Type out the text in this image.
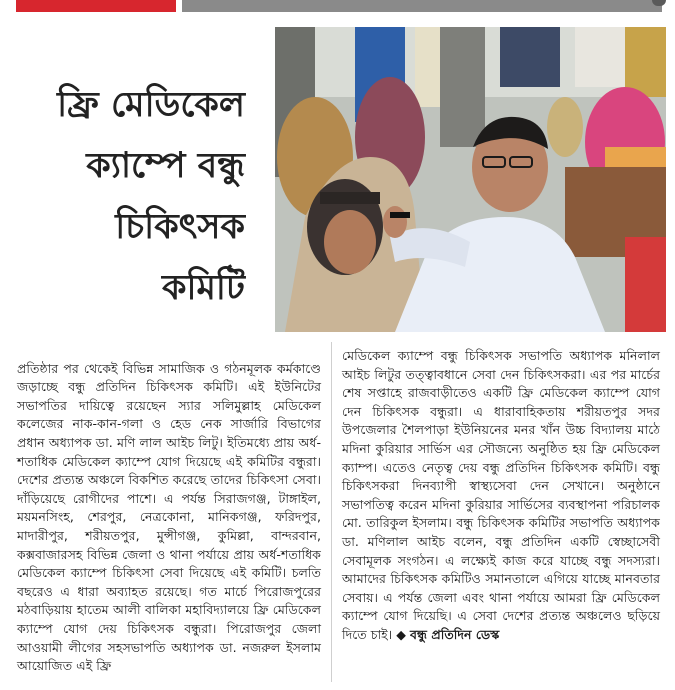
ফ্রি মেডিকেল
ক্যাম্পে বন্ধু
চিকিৎসক
কমিটি

প্রতিষ্ঠার পর থেকেই বিভিন্ন সামাজিক ও গঠনমূলক কর্মকাণ্ডে জড়াচ্ছে বন্ধু প্রতিদিন চিকিৎসক কমিটি। এই ইউনিটের সভাপতির দায়িত্বে রয়েছেন স্যার সলিমুল্লাহ মেডিকেল কলেজের নাক-কান-গলা ও হেড নেক সার্জারি বিভাগের প্রধান অধ্যাপক ডা. মণি লাল আইচ লিটু। ইতিমধ্যে প্রায় অর্ধ-শতাধিক মেডিকেল ক্যাম্পে যোগ দিয়েছে এই কমিটির বন্ধুরা। দেশের প্রত্যন্ত অঞ্চলে বিকশিত করেছে তাদের চিকিৎসা সেবা। দাঁড়িয়েছে রোগীদের পাশে। এ পর্যন্ত সিরাজগঞ্জ, টাঙ্গাইল, ময়মনসিংহ, শেরপুর, নেত্রকোনা, মানিকগঞ্জ, ফরিদপুর, মাদারীপুর, শরীয়তপুর, মুন্সীগঞ্জ, কুমিল্লা, বান্দরবান, কক্সবাজারসহ বিভিন্ন জেলা ও থানা পর্যায়ে প্রায় অর্ধ-শতাধিক মেডিকেল ক্যাম্পে চিকিৎসা সেবা দিয়েছে এই কমিটি। চলতি বছরেও এ ধারা অব্যাহত রয়েছে। গত মার্চে পিরোজপুরের মঠবাড়িয়ায় হাতেম আলী বালিকা মহাবিদ্যালয়ে ফ্রি মেডিকেল ক্যাম্পে যোগ দেয় চিকিৎসক বন্ধুরা। পিরোজপুর জেলা আওয়ামী লীগের সহসভাপতি অধ্যাপক ডা. নজরুল ইসলাম আয়োজিত এই ফ্রি

মেডিকেল ক্যাম্পে বন্ধু চিকিৎসক সভাপতি অধ্যাপক মনিলাল আইচ লিটুর তত্ত্বাবধানে সেবা দেন চিকিৎসকরা। এর পর মার্চের শেষ সপ্তাহে রাজবাড়ীতেও একটি ফ্রি মেডিকেল ক্যাম্পে যোগ দেন চিকিৎসক বন্ধুরা। এ ধারাবাহিকতায় শরীয়তপুর সদর উপজেলার শৈলপাড়া ইউনিয়নের মনর খাঁন উচ্চ বিদ্যালয় মাঠে মদিনা কুরিয়ার সার্ভিস এর সৌজন্যে অনুষ্ঠিত হয় ফ্রি মেডিকেল ক্যাম্প। এতেও নেতৃত্ব দেয় বন্ধু প্রতিদিন চিকিৎসক কমিটি। বন্ধু চিকিৎসকরা দিনব্যাপী স্বাস্থ্যসেবা দেন সেখানে। অনুষ্ঠানে সভাপতিত্ব করেন মদিনা কুরিয়ার সার্ভিসের ব্যবস্থাপনা পরিচালক মো. তারিকুল ইসলাম। বন্ধু চিকিৎসক কমিটির সভাপতি অধ্যাপক ডা. মণিলাল আইচ বলেন, বন্ধু প্রতিদিন একটি স্বেচ্ছাসেবী সেবামূলক সংগঠন। এ লক্ষ্যেই কাজ করে যাচ্ছে বন্ধু সদস্যরা। আমাদের চিকিৎসক কমিটিও সমানতালে এগিয়ে যাচ্ছে মানবতার সেবায়। এ পর্যন্ত জেলা এবং থানা পর্যায়ে আমরা ফ্রি মেডিকেল ক্যাম্পে যোগ দিয়েছি। এ সেবা দেশের প্রত্যন্ত অঞ্চলেও ছড়িয়ে দিতে চাই। ◆ বন্ধু প্রতিদিন ডেস্ক
